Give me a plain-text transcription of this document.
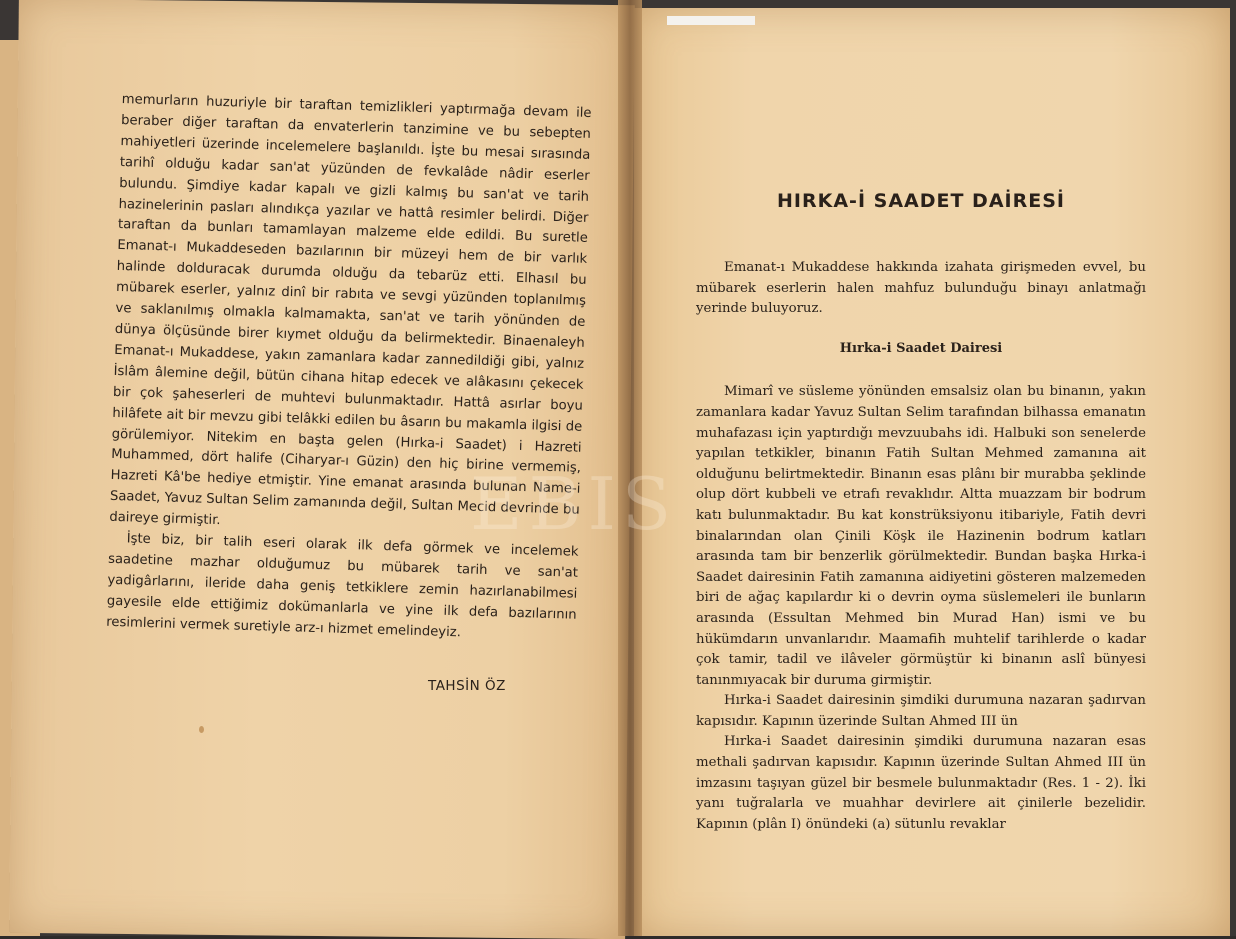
memurların huzuriyle bir taraftan temizlikleri yaptırmağa devam ile beraber diğer taraftan da envaterlerin tanzimine ve bu sebepten mahiyetleri üzerinde incelemelere başlanıldı. İşte bu mesai sırasında tarihî olduğu kadar san'at yüzünden de fevkalâde nâdir eserler bulundu. Şimdiye kadar kapalı ve gizli kalmış bu san'at ve tarih hazinelerinin pasları alındıkça yazılar ve hattâ resimler belirdi. Diğer taraftan da bunları tamamlayan malzeme elde edildi. Bu suretle Emanat-ı Mukaddeseden bazılarının bir müzeyi hem de bir varlık halinde dolduracak durumda olduğu da tebarüz etti. Elhasıl bu mübarek eserler, yalnız dinî bir rabıta ve sevgi yüzünden toplanılmış ve saklanılmış olmakla kalmamakta, san'at ve tarih yönünden de dünya ölçüsünde birer kıymet olduğu da belirmektedir. Binaenaleyh Emanat-ı Mukaddese, yakın zamanlara kadar zannedildiği gibi, yalnız İslâm âlemine değil, bütün cihana hitap edecek ve alâkasını çekecek bir çok şaheserleri de muhtevi bulunmaktadır. Hattâ asırlar boyu hilâfete ait bir mevzu gibi telâkki edilen bu âsarın bu makamla ilgisi de görülemiyor. Nitekim en başta gelen (Hırka-i Saadet) i Hazreti Muhammed, dört halife (Ciharyar-ı Güzin) den hiç birine vermemiş, Hazreti Kâ'be hediye etmiştir. Yine emanat arasında bulunan Name-i Saadet, Yavuz Sultan Selim zamanında değil, Sultan Mecid devrinde bu daireye girmiştir.

İşte biz, bir talih eseri olarak ilk defa görmek ve incelemek saadetine mazhar olduğumuz bu mübarek tarih ve san'at yadigârlarını, ileride daha geniş tetkiklere zemin hazırlanabilmesi gayesile elde ettiğimiz dokümanlarla ve yine ilk defa bazılarının resimlerini vermek suretiyle arz-ı hizmet emelindeyiz.

TAHSİN ÖZ
HIRKA-İ SAADET DAİRESİ

Emanat-ı Mukaddese hakkında izahata girişmeden evvel, bu mübarek eserlerin halen mahfuz bulunduğu binayı anlatmağı yerinde buluyoruz.

Hırka-i Saadet Dairesi

Mimarî ve süsleme yönünden emsalsiz olan bu binanın, yakın zamanlara kadar Yavuz Sultan Selim tarafından bilhassa emanatın muhafazası için yaptırdığı mevzuubahs idi. Halbuki son senelerde yapılan tetkikler, binanın Fatih Sultan Mehmed zamanına ait olduğunu belirtmektedir. Binanın esas plânı bir murabba şeklinde olup dört kubbeli ve etrafı revaklıdır. Altta muazzam bir bodrum katı bulunmaktadır. Bu kat konstrüksiyonu itibariyle, Fatih devri binalarından olan Çinili Köşk ile Hazinenin bodrum katları arasında tam bir benzerlik görülmektedir. Bundan başka Hırka-i Saadet dairesinin Fatih zamanına aidiyetini gösteren malzemeden biri de ağaç kapılardır ki o devrin oyma süslemeleri ile bunların arasında (Essultan Mehmed bin Murad Han) ismi ve bu hükümdarın unvanlarıdır. Maamafih muhtelif tarihlerde o kadar çok tamir, tadil ve ilâveler görmüştür ki binanın aslî bünyesi tanınmıyacak bir duruma girmiştir.

Hırka-i Saadet dairesinin şimdiki durumuna nazaran şadırvan kapısıdır. Kapının üzerinde Sultan Ahmed III ün

Hırka-i Saadet dairesinin şimdiki durumuna nazaran esas methali şadırvan kapısıdır. Kapının üzerinde Sultan Ahmed III ün imzasını taşıyan güzel bir besmele bulunmaktadır (Res. 1 - 2). İki yanı tuğralarla ve muahhar devirlere ait çinilerle bezelidir. Kapının (plân I) önündeki (a) sütunlu revaklar

EBIS
